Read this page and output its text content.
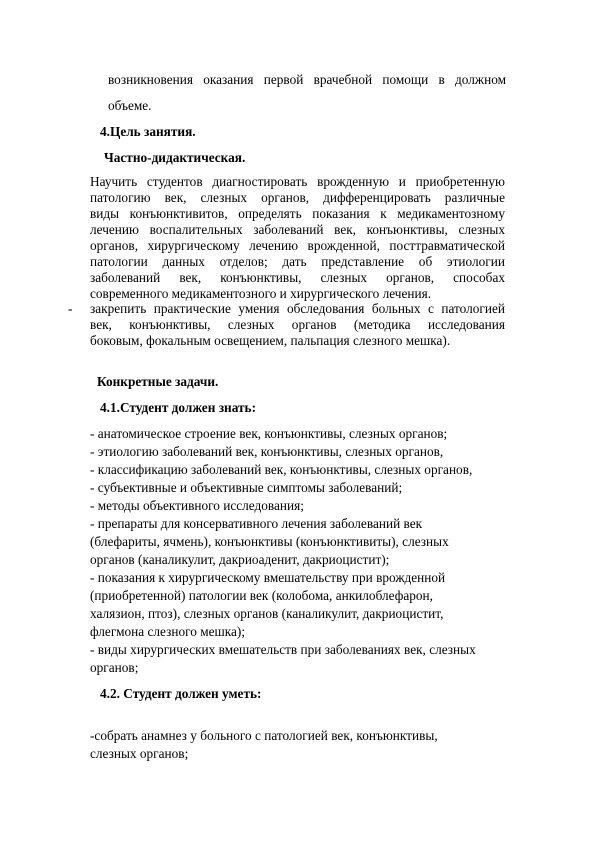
возникновения оказания первой врачебной помощи в должном
объеме.
4.Цель занятия.
Частно-дидактическая.
Научить студентов диагностировать врожденную и приобретенную
патологию век, слезных органов, дифференцировать различные
виды конъюнктивитов, определять показания к медикаментозному
лечению воспалительных заболеваний век, конъюнктивы, слезных
органов, хирургическому лечению врожденной, посттравматической
патологии данных отделов; дать представление об этиологии
заболеваний век, конъюнктивы, слезных органов, способах
современного медикаментозного и хирургического лечения.
- закрепить практические умения обследования больных с патологией
век, конъюнктивы, слезных органов (методика исследования
боковым, фокальным освещением, пальпация слезного мешка).
Конкретные задачи.
4.1.Студент должен знать:
- анатомическое строение век, конъюнктивы, слезных органов;
- этиологию заболеваний век, конъюнктивы, слезных органов,
- классификацию заболеваний век, конъюнктивы, слезных органов,
- субъективные и объективные симптомы заболеваний;
- методы объективного исследования;
- препараты для консервативного лечения заболеваний век
(блефариты, ячмень), конъюнктивы (конъюнктивиты), слезных
органов (каналикулит, дакриоаденит, дакриоцистит);
- показания к хирургическому вмешательству при врожденной
(приобретенной) патологии век (колобома, анкилоблефарон,
халязион, птоз), слезных органов (каналикулит, дакриоцистит,
флегмона слезного мешка);
- виды хирургических вмешательств при заболеваниях век, слезных
органов;
4.2. Студент должен уметь:
-собрать анамнез у больного с патологией век, конъюнктивы,
слезных органов;
